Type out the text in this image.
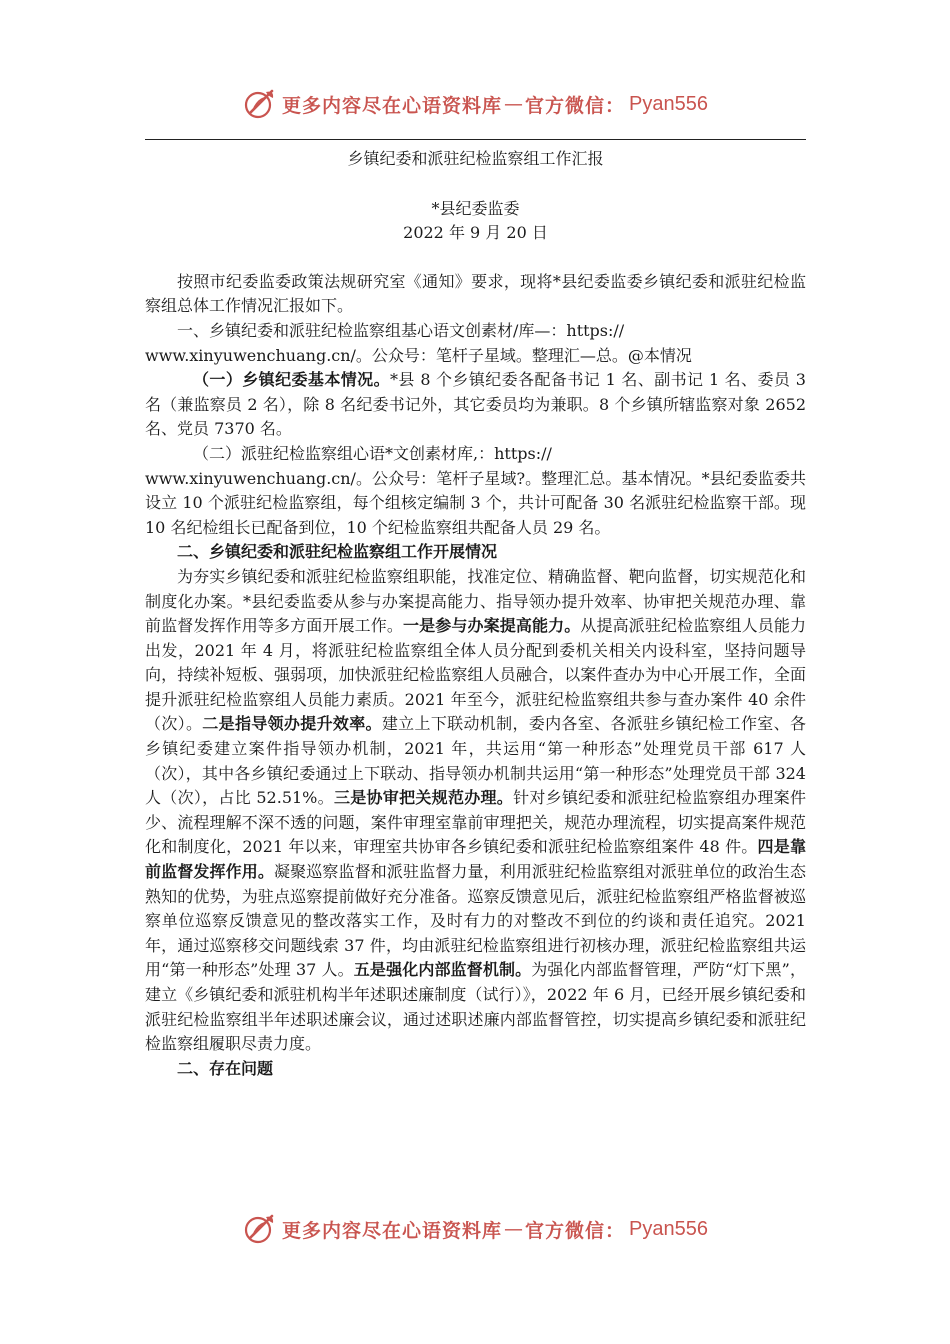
更多内容尽在心语资料库 — 官方微信： Pyan556
乡镇纪委和派驻纪检监察组工作汇报
*县纪委监委
2022 年 9 月 20 日

按照市纪委监委政策法规研究室《通知》要求，现将*县纪委监委乡镇纪委和派驻纪检监察组总体工作情况汇报如下。

一、乡镇纪委和派驻纪检监察组基心语文创素材/库—：https://

www.xinyuwenchuang.cn/。公众号：笔杆子星域。整理汇—总。@本情况

（一）乡镇纪委基本情况。*县 8 个乡镇纪委各配备书记 1 名、副书记 1 名、委员 3 名（兼监察员 2 名），除 8 名纪委书记外，其它委员均为兼职。8 个乡镇所辖监察对象 2652 名、党员 7370 名。

（二）派驻纪检监察组心语*文创素材库,：https://

www.xinyuwenchuang.cn/。公众号：笔杆子星域?。整理汇总。基本情况。*县纪委监委共设立 10 个派驻纪检监察组，每个组核定编制 3 个，共计可配备 30 名派驻纪检监察干部。现 10 名纪检组长已配备到位，10 个纪检监察组共配备人员 29 名。

二、乡镇纪委和派驻纪检监察组工作开展情况

为夯实乡镇纪委和派驻纪检监察组职能，找准定位、精确监督、靶向监督，切实规范化和制度化办案。*县纪委监委从参与办案提高能力、指导领办提升效率、协审把关规范办理、靠前监督发挥作用等多方面开展工作。一是参与办案提高能力。从提高派驻纪检监察组人员能力出发，2021 年 4 月，将派驻纪检监察组全体人员分配到委机关相关内设科室，坚持问题导向，持续补短板、强弱项，加快派驻纪检监察组人员融合，以案件查办为中心开展工作，全面提升派驻纪检监察组人员能力素质。2021 年至今，派驻纪检监察组共参与查办案件 40 余件（次）。二是指导领办提升效率。建立上下联动机制，委内各室、各派驻乡镇纪检工作室、各乡镇纪委建立案件指导领办机制，2021 年，共运用“第一种形态”处理党员干部 617 人（次），其中各乡镇纪委通过上下联动、指导领办机制共运用“第一种形态”处理党员干部 324 人（次），占比 52.51%。三是协审把关规范办理。针对乡镇纪委和派驻纪检监察组办理案件少、流程理解不深不透的问题，案件审理室靠前审理把关，规范办理流程，切实提高案件规范化和制度化，2021 年以来，审理室共协审各乡镇纪委和派驻纪检监察组案件 48 件。四是靠前监督发挥作用。凝聚巡察监督和派驻监督力量，利用派驻纪检监察组对派驻单位的政治生态熟知的优势，为驻点巡察提前做好充分准备。巡察反馈意见后，派驻纪检监察组严格监督被巡察单位巡察反馈意见的整改落实工作，及时有力的对整改不到位的约谈和责任追究。2021 年，通过巡察移交问题线索 37 件，均由派驻纪检监察组进行初核办理，派驻纪检监察组共运用“第一种形态”处理 37 人。五是强化内部监督机制。为强化内部监督管理，严防“灯下黑”，建立《乡镇纪委和派驻机构半年述职述廉制度（试行）》，2022 年 6 月，已经开展乡镇纪委和派驻纪检监察组半年述职述廉会议，通过述职述廉内部监督管控，切实提高乡镇纪委和派驻纪检监察组履职尽责力度。

二、存在问题

更多内容尽在心语资料库 — 官方微信： Pyan556
